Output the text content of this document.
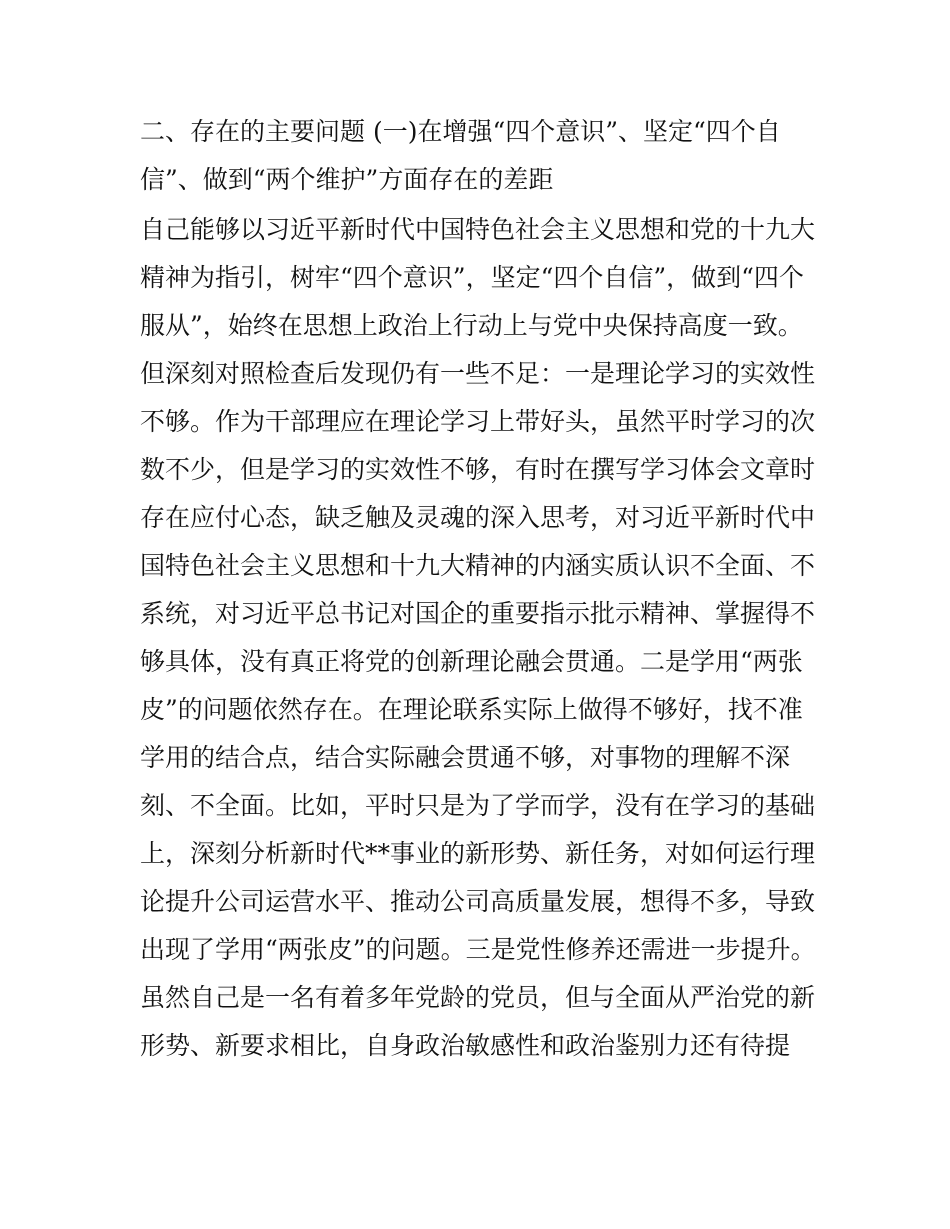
二、存在的主要问题 (一)在增强“四个意识”、坚定“四个自
信”、做到“两个维护”方面存在的差距
自己能够以习近平新时代中国特色社会主义思想和党的十九大
精神为指引，树牢“四个意识”，坚定“四个自信”，做到“四个
服从”，始终在思想上政治上行动上与党中央保持高度一致。
但深刻对照检查后发现仍有一些不足：一是理论学习的实效性
不够。作为干部理应在理论学习上带好头，虽然平时学习的次
数不少，但是学习的实效性不够，有时在撰写学习体会文章时
存在应付心态，缺乏触及灵魂的深入思考，对习近平新时代中
国特色社会主义思想和十九大精神的内涵实质认识不全面、不
系统，对习近平总书记对国企的重要指示批示精神、掌握得不
够具体，没有真正将党的创新理论融会贯通。二是学用“两张
皮”的问题依然存在。在理论联系实际上做得不够好，找不准
学用的结合点，结合实际融会贯通不够，对事物的理解不深
刻、不全面。比如，平时只是为了学而学，没有在学习的基础
上，深刻分析新时代**事业的新形势、新任务，对如何运行理
论提升公司运营水平、推动公司高质量发展，想得不多，导致
出现了学用“两张皮”的问题。三是党性修养还需进一步提升。
虽然自己是一名有着多年党龄的党员，但与全面从严治党的新
形势、新要求相比，自身政治敏感性和政治鉴别力还有待提
